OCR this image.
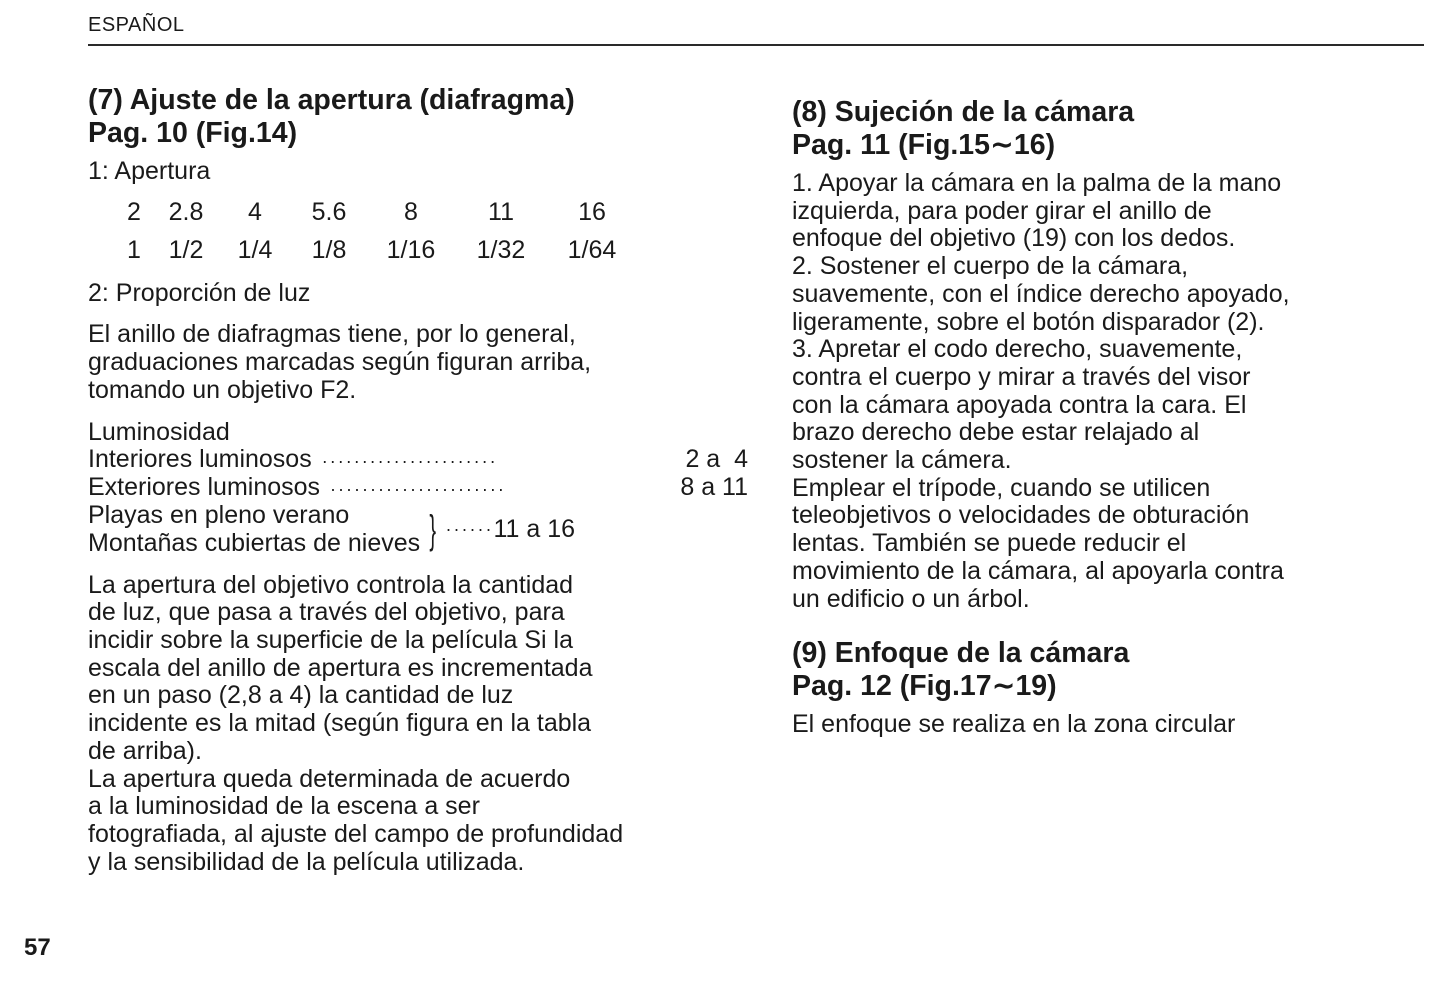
ESPAÑOL
(7) Ajuste de la apertura (diafragma)
Pag. 10 (Fig.14)

1: Apertura

2	2.8	4	5.6	8	11	16
1	1/2	1/4	1/8	1/16	1/32	1/64

2: Proporción de luz

El anillo de diafragmas tiene, por lo general,
graduaciones marcadas según figuran arriba,
tomando un objetivo F2.
Luminosidad
Interiores luminosos ······················	2 a  4
Exteriores luminosos ······················	8 a 11
Playas en pleno verano
Montañas cubiertas de nieves } ······ 11 a 16
La apertura del objetivo controla la cantidad
de luz, que pasa a través del objetivo, para
incidir sobre la superficie de la película Si la
escala del anillo de apertura es incrementada
en un paso (2,8 a 4) la cantidad de luz
incidente es la mitad (según figura en la tabla
de arriba).
La apertura queda determinada de acuerdo
a la luminosidad de la escena a ser
fotografiada, al ajuste del campo de profundidad
y la sensibilidad de la película utilizada.
(8) Sujeción de la cámara
Pag. 11 (Fig.15∼16)
1. Apoyar la cámara en la palma de la mano
izquierda, para poder girar el anillo de
enfoque del objetivo (19) con los dedos.
2. Sostener el cuerpo de la cámara,
suavemente, con el índice derecho apoyado,
ligeramente, sobre el botón disparador (2).
3. Apretar el codo derecho, suavemente,
contra el cuerpo y mirar a través del visor
con la cámara apoyada contra la cara. El
brazo derecho debe estar relajado al
sostener la cámera.
Emplear el trípode, cuando se utilicen
teleobjetivos o velocidades de obturación
lentas. También se puede reducir el
movimiento de la cámara, al apoyarla contra
un edificio o un árbol.
(9) Enfoque de la cámara
Pag. 12 (Fig.17∼19)
El enfoque se realiza en la zona circular
57
